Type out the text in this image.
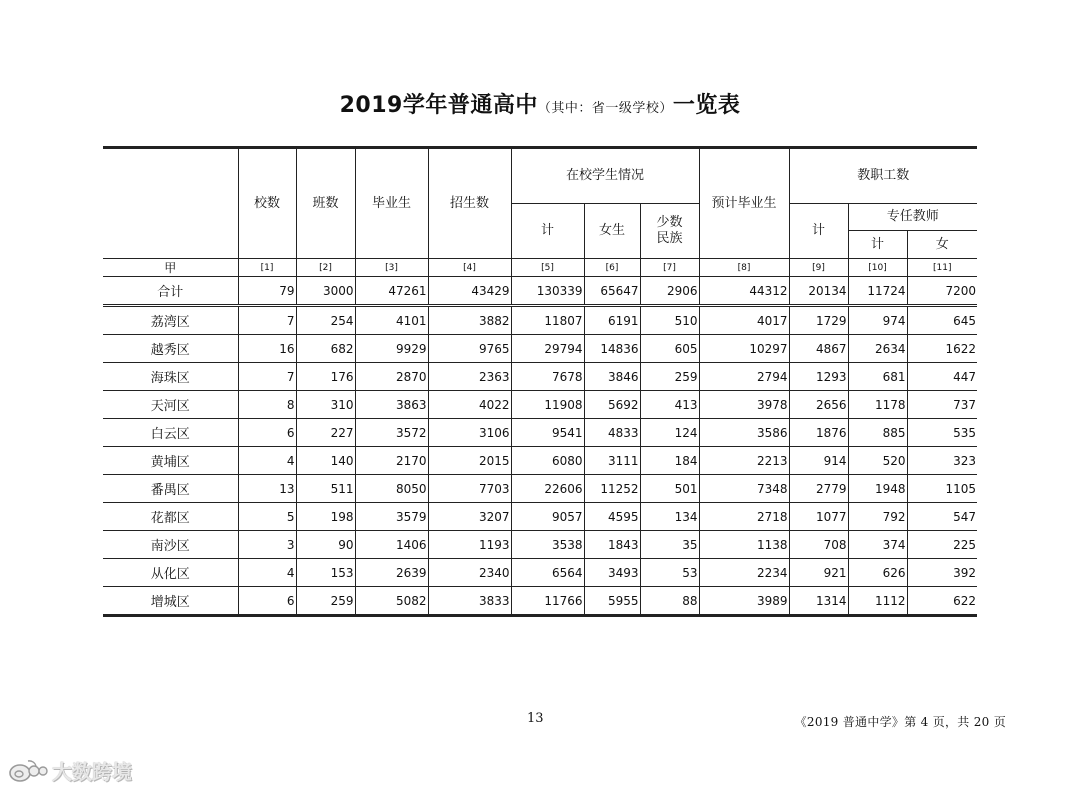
2019学年普通高中（其中：省一级学校）一览表
	校数	班数	毕业生	招生数	在校学生情况			预计毕业生	教职工数		
					计	女生	少数民族		计	专任教师	
										计	女
甲	[1]	[2]	[3]	[4]	[5]	[6]	[7]	[8]	[9]	[10]	[11]
合计	79	3000	47261	43429	130339	65647	2906	44312	20134	11724	7200
荔湾区	7	254	4101	3882	11807	6191	510	4017	1729	974	645
越秀区	16	682	9929	9765	29794	14836	605	10297	4867	2634	1622
海珠区	7	176	2870	2363	7678	3846	259	2794	1293	681	447
天河区	8	310	3863	4022	11908	5692	413	3978	2656	1178	737
白云区	6	227	3572	3106	9541	4833	124	3586	1876	885	535
黄埔区	4	140	2170	2015	6080	3111	184	2213	914	520	323
番禺区	13	511	8050	7703	22606	11252	501	7348	2779	1948	1105
花都区	5	198	3579	3207	9057	4595	134	2718	1077	792	547
南沙区	3	90	1406	1193	3538	1843	35	1138	708	374	225
从化区	4	153	2639	2340	6564	3493	53	2234	921	626	392
增城区	6	259	5082	3833	11766	5955	88	3989	1314	1112	622
13	《2019 普通中学》第 4 页，共 20 页
大数跨境
